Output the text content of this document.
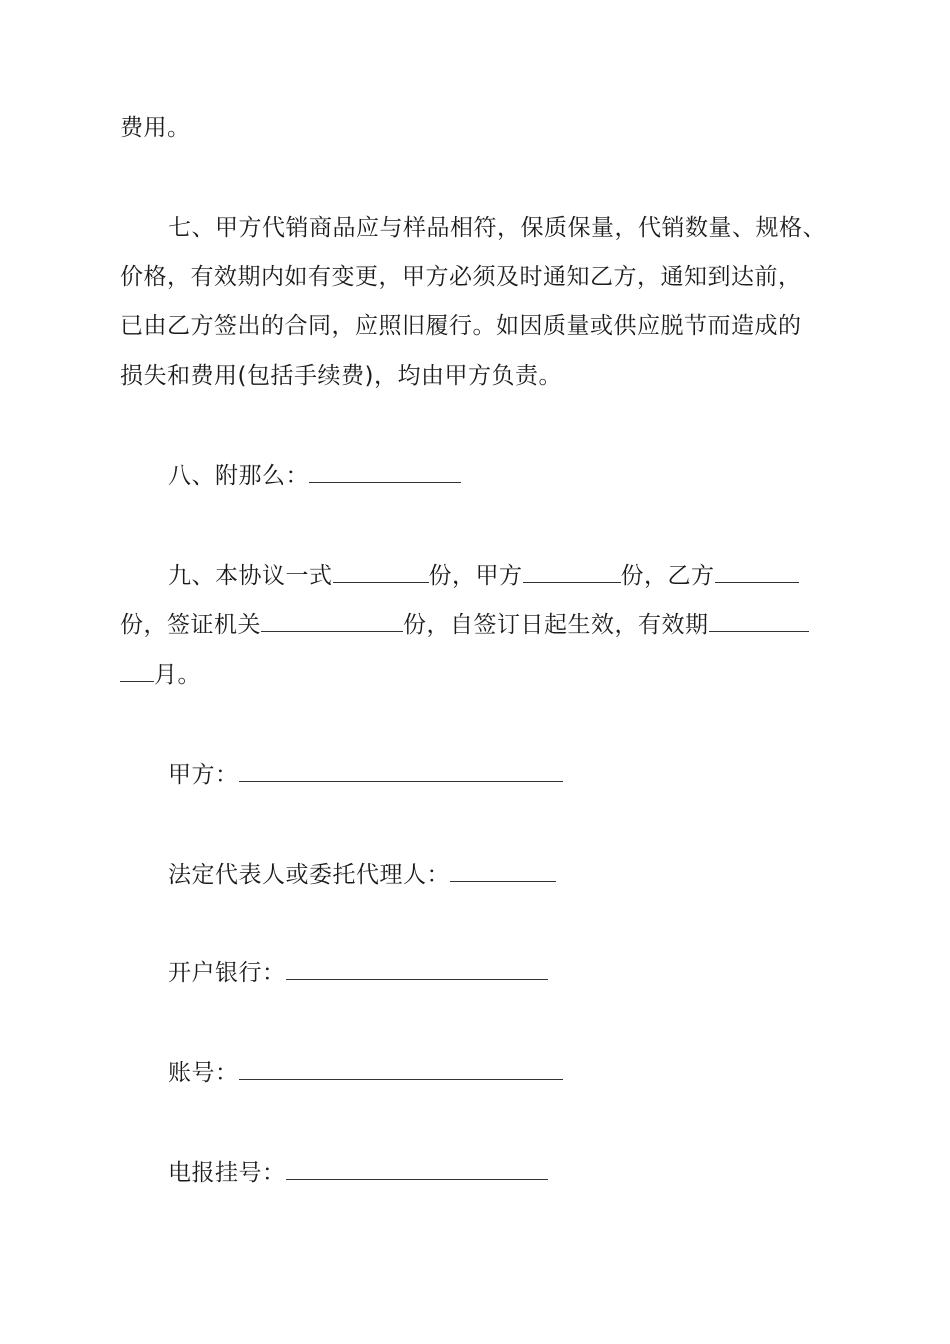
费用。
七、甲方代销商品应与样品相符，保质保量，代销数量、规格、
价格，有效期内如有变更，甲方必须及时通知乙方，通知到达前，
已由乙方签出的合同，应照旧履行。如因质量或供应脱节而造成的
损失和费用(包括手续费)，均由甲方负责。
八、附那么：
九、本协议一式	份，甲方	份，乙方
份，签证机关	份，自签订日起生效，有效期
月。
甲方：
法定代表人或委托代理人：
开户银行：
账号：
电报挂号：
